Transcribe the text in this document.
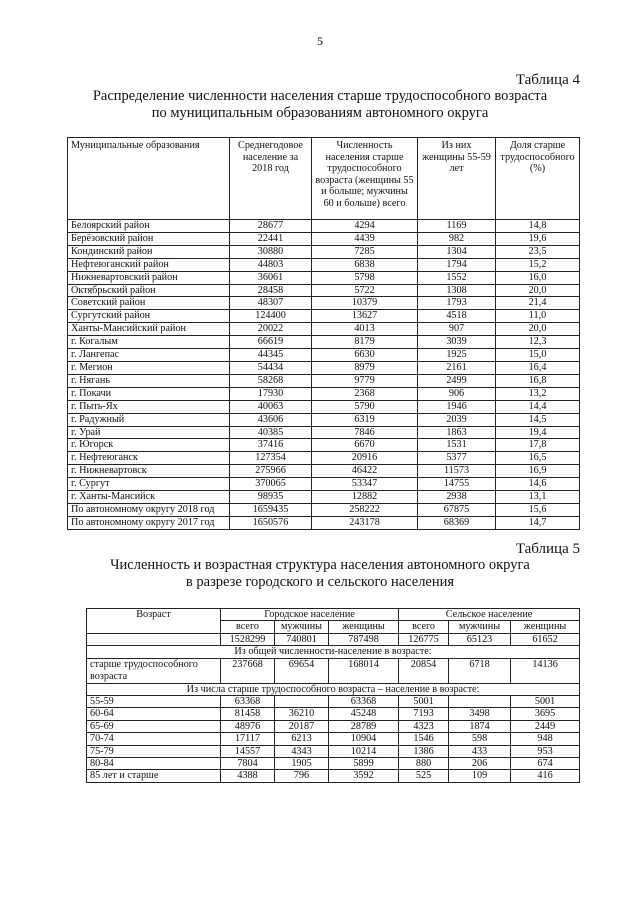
5
Таблица 4
Распределение численности населения старше трудоспособного возраста
по муниципальным образованиям автономного округа
Муниципальные образования	Среднегодовое население за 2018 год	Численность населения старше трудоспособного возраста (женщины 55 и больше; мужчины 60 и больше) всего	Из них женщины 55-59 лет	Доля старше трудоспособного (%)
Белоярский район	28677	4294	1169	14,8
Берёзовский район	22441	4439	982	19,6
Кондинский район	30880	7285	1304	23,5
Нефтеюганский район	44803	6838	1794	15,2
Нижневартовский район	36061	5798	1552	16,0
Октябрьский район	28458	5722	1308	20,0
Советский район	48307	10379	1793	21,4
Сургутский район	124400	13627	4518	11,0
Ханты-Мансийский район	20022	4013	907	20,0
г. Когалым	66619	8179	3039	12,3
г. Лангепас	44345	6630	1925	15,0
г. Мегион	54434	8979	2161	16,4
г. Нягань	58268	9779	2499	16,8
г. Покачи	17930	2368	906	13,2
г. Пыть-Ях	40063	5790	1946	14,4
г. Радужный	43606	6319	2039	14,5
г. Урай	40385	7846	1863	19,4
г. Югорск	37416	6670	1531	17,8
г. Нефтеюганск	127354	20916	5377	16,5
г. Нижневартовск	275966	46422	11573	16,9
г. Сургут	370065	53347	14755	14,6
г. Ханты-Мансийск	98935	12882	2938	13,1
По автономному округу 2018 год	1659435	258222	67875	15,6
По автономному округу 2017 год	1650576	243178	68369	14,7
Таблица 5
Численность и возрастная структура населения автономного округа
в разрезе городского и сельского населения
Возраст	Городское население			Сельское население		
	всего	мужчины	женщины	всего	мужчины	женщины
	1528299	740801	787498	126775	65123	61652
Из общей численности-население в возрасте:						
старше трудоспособного возраста	237668	69654	168014	20854	6718	14136
Из числа старше трудоспособного возраста – население в возрасте:						
55-59	63368		63368	5001		5001
60-64	81458	36210	45248	7193	3498	3695
65-69	48976	20187	28789	4323	1874	2449
70-74	17117	6213	10904	1546	598	948
75-79	14557	4343	10214	1386	433	953
80-84	7804	1905	5899	880	206	674
85 лет и старше	4388	796	3592	525	109	416
